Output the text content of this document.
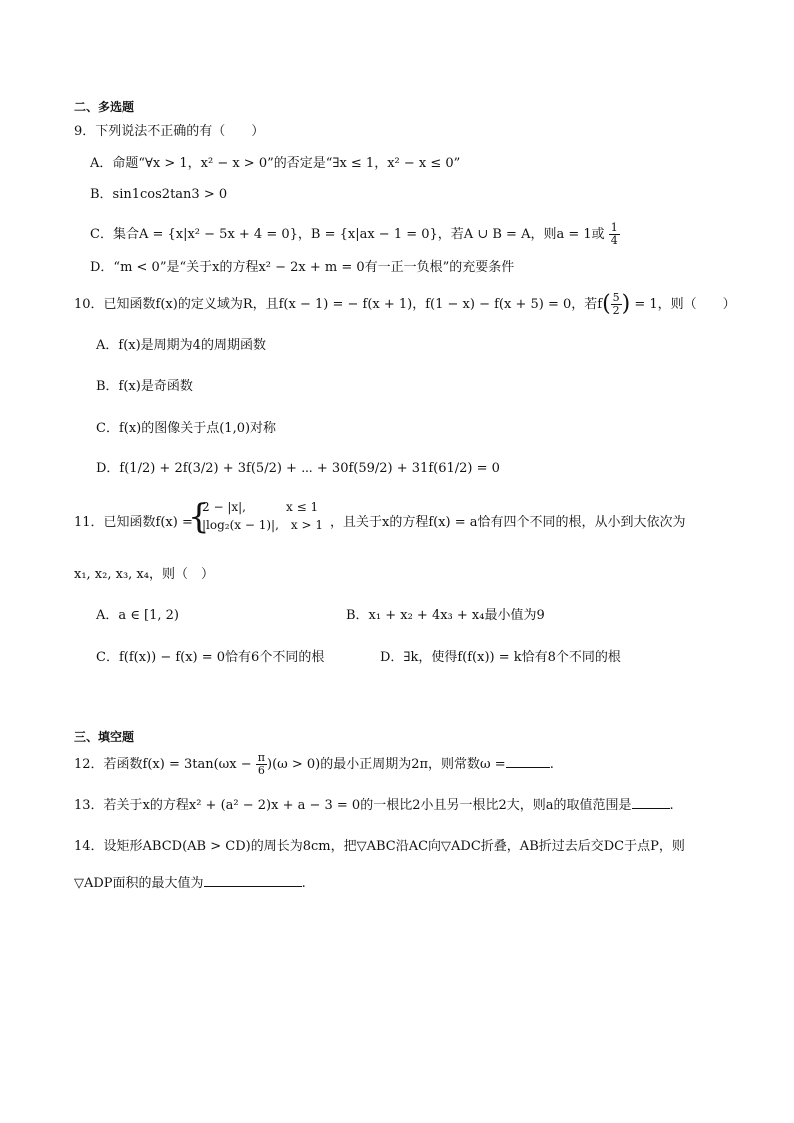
二、多选题
9．下列说法不正确的有（　　）
A．命题“∀x > 1，x² − x > 0”的否定是“∃x ≤ 1，x² − x ≤ 0”
B．sin1cos2tan3 > 0
C．集合A = {x|x² − 5x + 4 = 0}，B = {x|ax − 1 = 0}，若A ∪ B = A，则a = 1或 $\frac{1}{4}$
D．“m < 0”是“关于x的方程x² − 2x + m = 0有一正一负根”的充要条件
10．已知函数f(x)的定义域为R，且f(x − 1) = − f(x + 1)，f(1 − x) − f(x + 5) = 0，若$f( \frac{5}{2}$ ) = 1，则（　　）
A．f(x)是周期为4的周期函数
B．f(x)是奇函数
C．f(x)的图像关于点(1,0)对称
D．f(1/2) + 2f(3/2) + 3f(5/2) + ⋯ + 30f(59/2) + 31f(61/2) = 0
11．已知函数f(x) =
{
2 − |x|,	x ≤ 1
|log₂(x − 1)|, x > 1 ，且关于x的方程f(x) = a恰有四个不同的根，从小到大依次为
x₁, x₂, x₃, x₄，则（　）
A．a ∈ [1, 2)	B．x₁ + x₂ + 4x₃ + x₄最小值为9
C．f(f(x)) − f(x) = 0恰有6个不同的根	D．∃k，使得f(f(x)) = k恰有8个不同的根
三、填空题
12．若函数$f(x) = 3\tan(\omega x - \frac{\pi}{6} )(\omega > 0)$的最小正周期为2π，则常数ω =	.
13．若关于x的方程x² + (a² − 2)x + a − 3 = 0的一根比2小且另一根比2大，则a的取值范围是	.
14．设矩形ABCD(AB > CD)的周长为8cm，把▽ABC沿AC向▽ADC折叠，AB折过去后交DC于点P，则
▽ADP面积的最大值为	.
